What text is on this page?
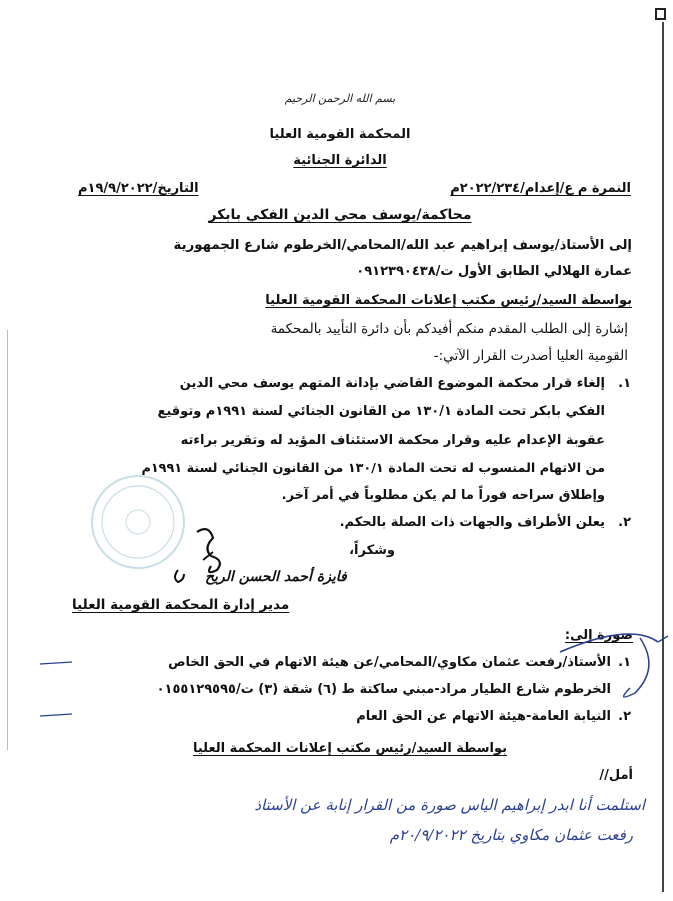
بسم الله الرحمن الرحيم
المحكمة القومية العليا
الدائرة الجنائية
النمرة م ع/إعدام/٢٠٢٢/٢٣٤م
التاريخ/١٩/٩/٢٠٢٢م
محاكمة/يوسف محي الدين الفكي بابكر
إلى الأستاذ/يوسف إبراهيم عبد الله/المحامي/الخرطوم شارع الجمهورية
عمارة الهلالي الطابق الأول ت/٠٩١٢٣٩٠٤٣٨
بواسطة السيد/رئيس مكتب إعلانات المحكمة القومية العليا
إشارة إلى الطلب المقدم منكم أفيدكم بأن دائرة التأييد بالمحكمة
القومية العليا أصدرت القرار الآتي:-
١.
إلغاء قرار محكمة الموضوع القاضي بإدانة المتهم يوسف محي الدين
الفكي بابكر تحت المادة ١٣٠/١ من القانون الجنائي لسنة ١٩٩١م وتوقيع
عقوبة الإعدام عليه وقرار محكمة الاستئناف المؤيد له وتقرير براءته
من الاتهام المنسوب له تحت المادة ١٣٠/١ من القانون الجنائي لسنة ١٩٩١م
وإطلاق سراحه فوراً ما لم يكن مطلوباً في أمر آخر.
٢.
يعلن الأطراف والجهات ذات الصلة بالحكم.
وشكراً،
فايزة أحمد الحسن الريح
مدير إدارة المحكمة القومية العليا
صورة إلى:
١.
الأستاذ/رفعت عثمان مكاوي/المحامي/عن هيئة الاتهام في الحق الخاص
الخرطوم شارع الطيار مراد-مبني ساكتة ط (٦) شقة (٣) ت/٠١٥٥١٢٩٥٩٥
٢.
النيابة العامة-هيئة الاتهام عن الحق العام
بواسطة السيد/رئيس مكتب إعلانات المحكمة العليا
أمل//
استلمت أنا ابدر إبراهيم الياس صورة من القرار إنابة عن الأستاذ
رفعت عثمان مكاوي بتاريخ ٢٠/٩/٢٠٢٢م
